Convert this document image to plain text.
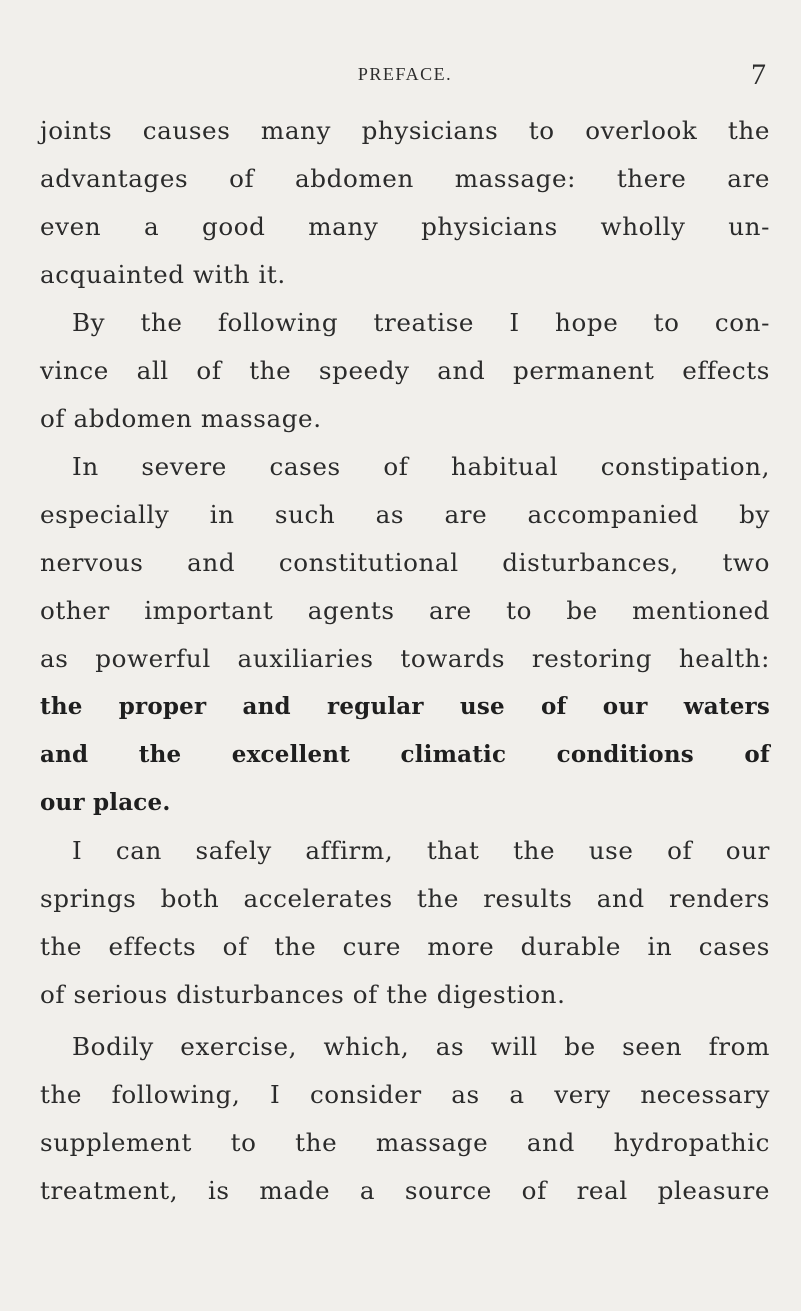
PREFACE.	7
joints causes many physicians to overlook the
advantages of abdomen massage: there are
even a good many physicians wholly un-
acquainted with it.
By the following treatise I hope to con-
vince all of the speedy and permanent effects
of abdomen massage.
In severe cases of habitual constipation,
especially in such as are accompanied by
nervous and constitutional disturbances, two
other important agents are to be mentioned
as powerful auxiliaries towards restoring health:
the proper and regular use of our waters
and the excellent climatic conditions of
our place.
I can safely affirm, that the use of our
springs both accelerates the results and renders
the effects of the cure more durable in cases
of serious disturbances of the digestion.
Bodily exercise, which, as will be seen from
the following, I consider as a very necessary
supplement to the massage and hydropathic
treatment, is made a source of real pleasure
